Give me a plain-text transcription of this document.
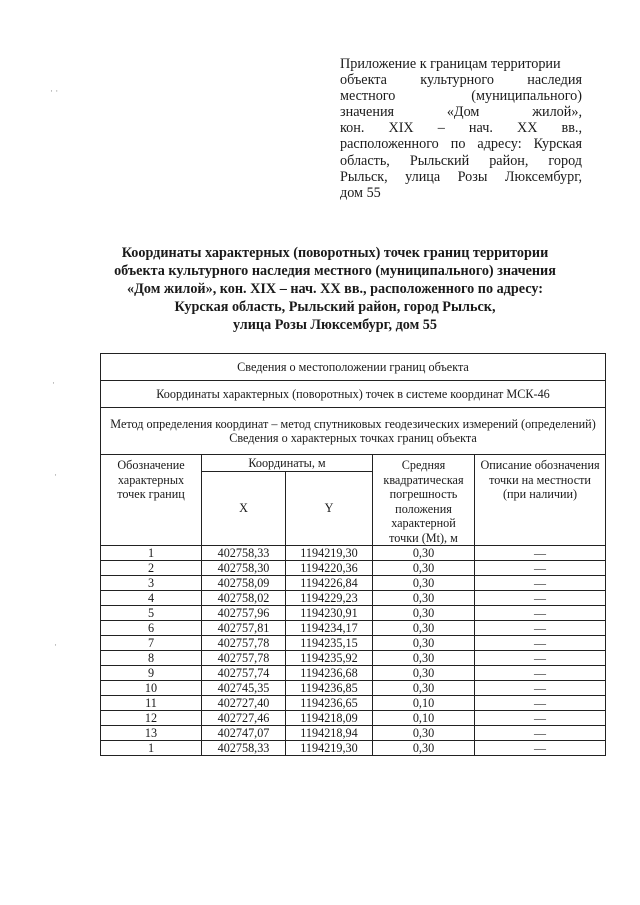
· ·
Приложение к границам территории
объекта культурного наследия
местного (муниципального)
значения «Дом жилой»,
кон. XIX – нач. XX вв.,
расположенного по адресу: Курская
область, Рыльский район, город
Рыльск, улица Розы Люксембург,
дом 55
Координаты характерных (поворотных) точек границ территории
объекта культурного наследия местного (муниципального) значения
«Дом жилой», кон. XIX – нач. XX вв., расположенного по адресу:
Курская область, Рыльский район, город Рыльск,
улица Розы Люксембург, дом 55
·
·
·
Сведения о местоположении границ объекта				
Координаты характерных (поворотных) точек в системе координат МСК-46				

Метод определения координат – метод спутниковых геодезических измерений (определений)
Сведения о характерных точках границ объекта				

Обозначение характерных точек границ	Координаты, м		Средняя квадратическая погрешность положения характерной точки (Mt), м	Описание обозначения точки на местности (при наличии)
	X	Y		
1	402758,33	1194219,30	0,30	—
2	402758,30	1194220,36	0,30	—
3	402758,09	1194226,84	0,30	—
4	402758,02	1194229,23	0,30	—
5	402757,96	1194230,91	0,30	—
6	402757,81	1194234,17	0,30	—
7	402757,78	1194235,15	0,30	—
8	402757,78	1194235,92	0,30	—
9	402757,74	1194236,68	0,30	—
10	402745,35	1194236,85	0,30	—
11	402727,40	1194236,65	0,10	—
12	402727,46	1194218,09	0,10	—
13	402747,07	1194218,94	0,30	—
1	402758,33	1194219,30	0,30	—
